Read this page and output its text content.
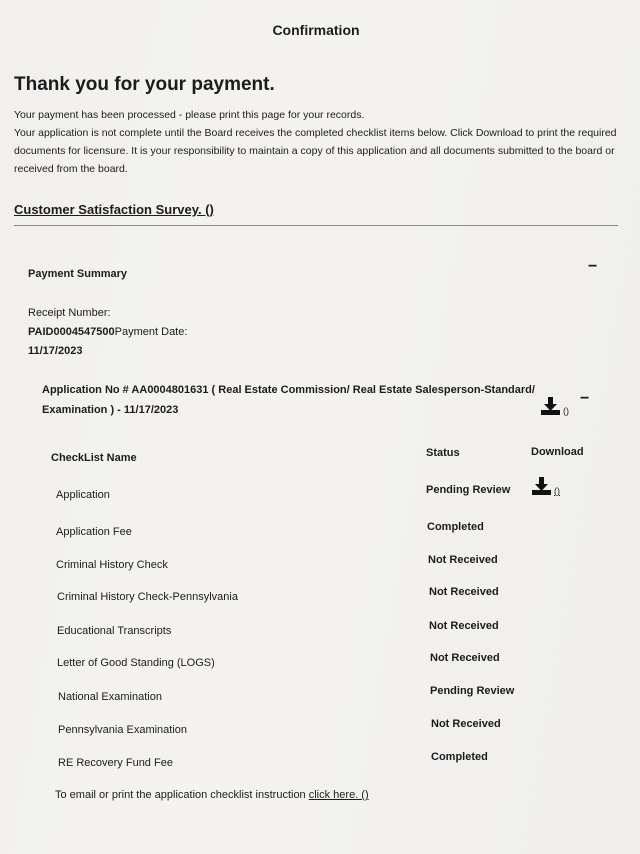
Confirmation
Thank you for your payment.

Your payment has been processed - please print this page for your records.

Your application is not complete until the Board receives the completed checklist items below. Click Download to print the required documents for licensure. It is your responsibility to maintain a copy of this application and all documents submitted to the board or received from the board.

Customer Satisfaction Survey. ()
Payment Summary	−
Receipt Number:
PAID0004547500Payment Date:
11/17/2023
Application No # AA0004801631 ( Real Estate Commission/ Real Estate Salesperson-Standard/ Examination ) - 11/17/2023	()
−
CheckList Name	Status	Download
Application	Pending Review	()
Application Fee	Completed
Criminal History Check	Not Received
Criminal History Check-Pennsylvania	Not Received
Educational Transcripts	Not Received
Letter of Good Standing (LOGS)	Not Received
National Examination	Pending Review
Pennsylvania Examination	Not Received
RE Recovery Fund Fee	Completed
To email or print the application checklist instruction click here. ()
